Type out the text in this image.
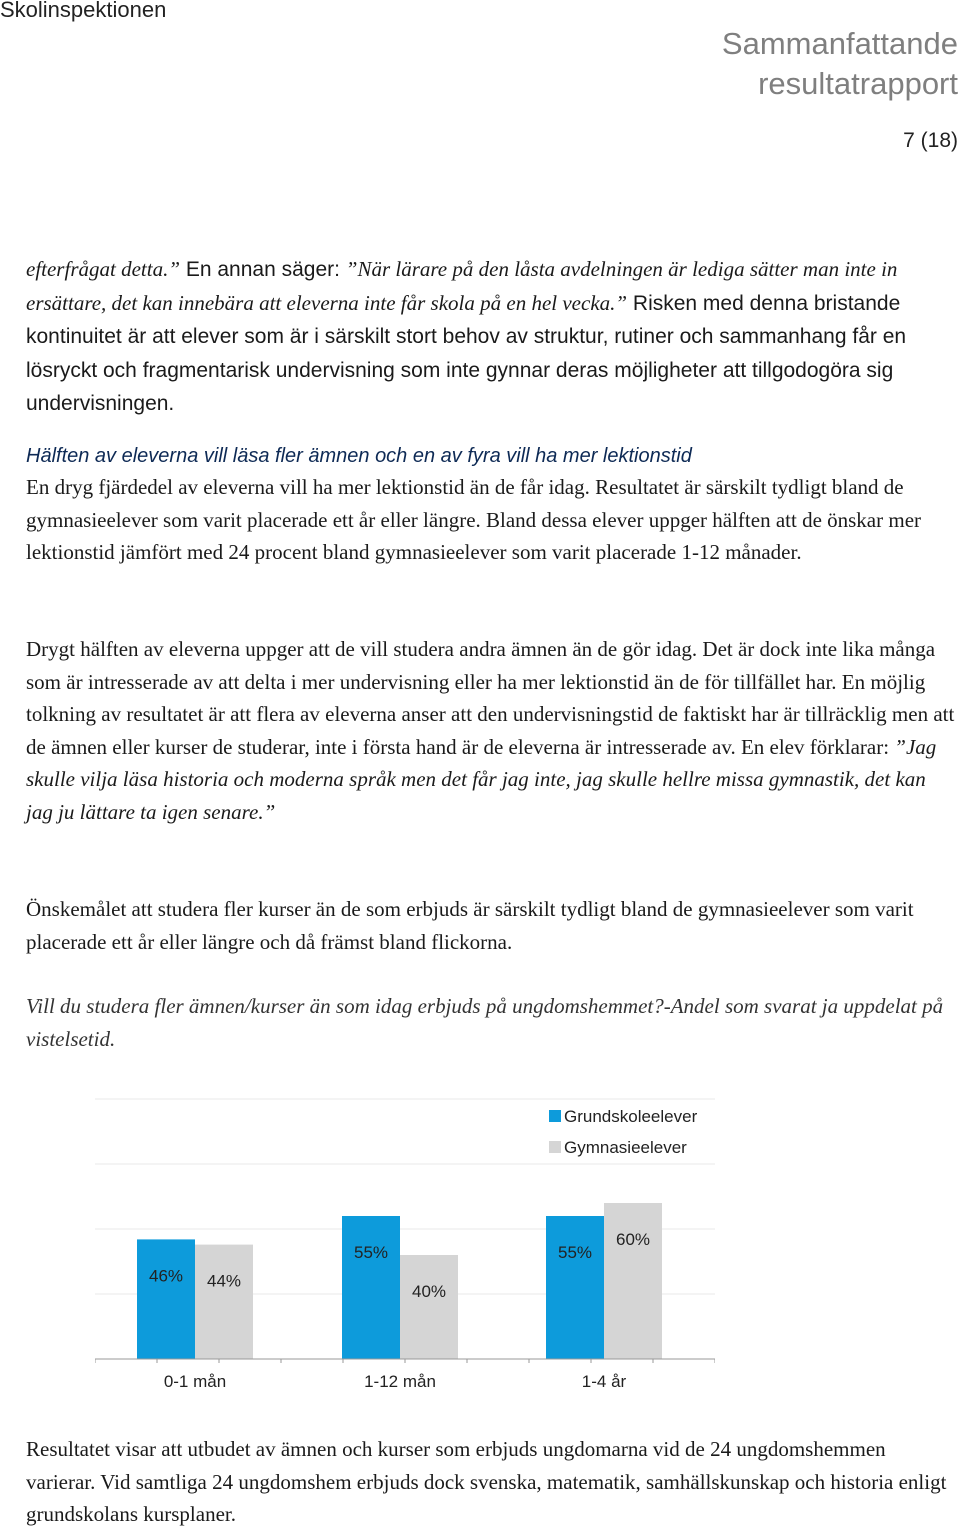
Skolinspektionen
Sammanfattande
resultatrapport
7 (18)
efterfrågat detta.” En annan säger: ”När lärare på den låsta avdelningen är lediga sätter man inte in ersättare, det kan innebära att eleverna inte får skola på en hel vecka.” Risken med denna bristande kontinuitet är att elever som är i särskilt stort behov av struktur, rutiner och sammanhang får en lösryckt och fragmentarisk undervisning som inte gynnar deras möjligheter att tillgodogöra sig undervisningen.
Hälften av eleverna vill läsa fler ämnen och en av fyra vill ha mer lektionstid
En dryg fjärdedel av eleverna vill ha mer lektionstid än de får idag. Resultatet är särskilt tydligt bland de gymnasieelever som varit placerade ett år eller längre. Bland dessa elever uppger hälften att de önskar mer lektionstid jämfört med 24 procent bland gymnasieelever som varit placerade 1-12 månader.
Drygt hälften av eleverna uppger att de vill studera andra ämnen än de gör idag. Det är dock inte lika många som är intresserade av att delta i mer undervisning eller ha mer lektionstid än de för tillfället har. En möjlig tolkning av resultatet är att flera av eleverna anser att den undervisningstid de faktiskt har är tillräcklig men att de ämnen eller kurser de studerar, inte i första hand är de eleverna är intresserade av. En elev förklarar: ”Jag skulle vilja läsa historia och moderna språk men det får jag inte, jag skulle hellre missa gymnastik, det kan jag ju lättare ta igen senare.”
Önskemålet att studera fler kurser än de som erbjuds är särskilt tydligt bland de gymnasieelever som varit placerade ett år eller längre och då främst bland flickorna.
Vill du studera fler ämnen/kurser än som idag erbjuds på ungdomshemmet?-Andel som svarat ja uppdelat på vistelsetid.
46% 44%
0-1 mån
55%
40%
1-12 mån
55%
60%
1-4 år
Grundskoleelever
Gymnasieelever
Resultatet visar att utbudet av ämnen och kurser som erbjuds ungdomarna vid de 24 ungdomshemmen varierar. Vid samtliga 24 ungdomshem erbjuds dock svenska, matematik, samhällskunskap och historia enligt grundskolans kursplaner.
